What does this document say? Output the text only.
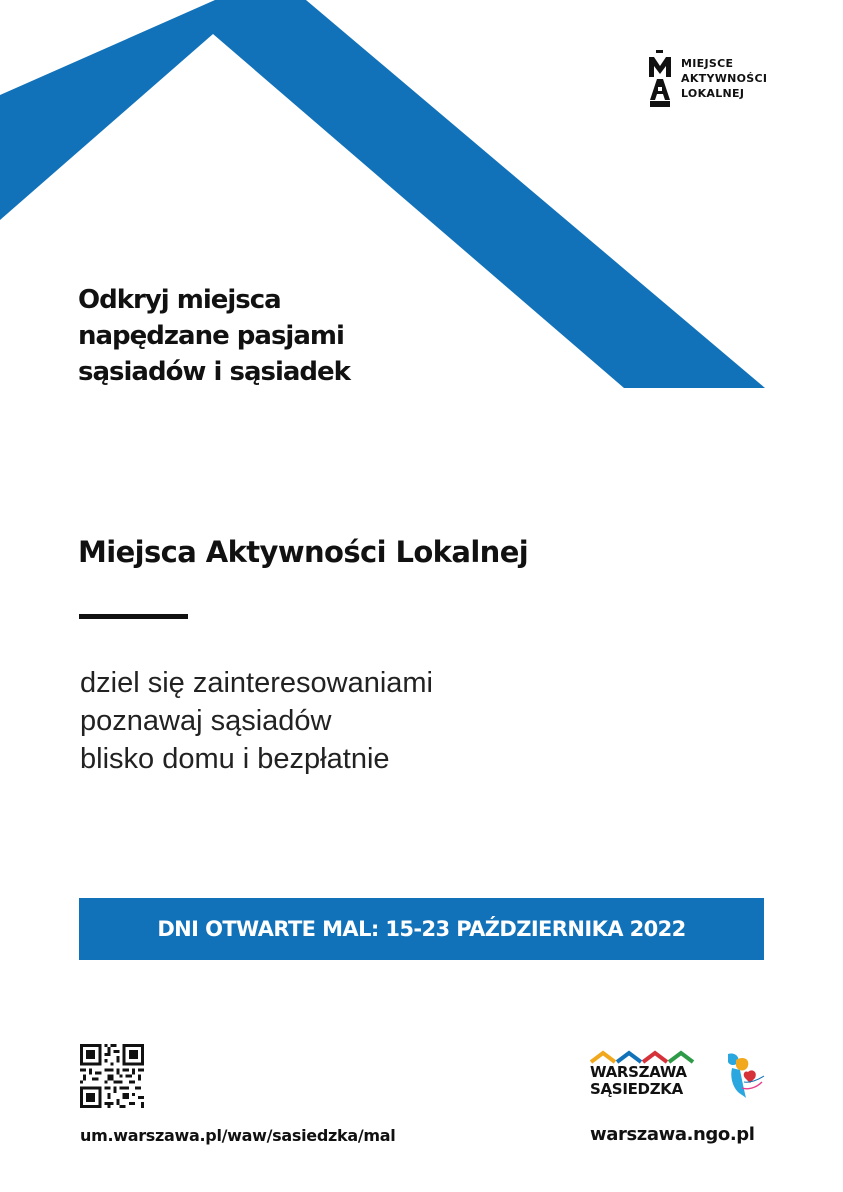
MIEJSCE
AKTYWNOŚCI
LOKALNEJ
Odkryj miejsca
napędzane pasjami
sąsiadów i sąsiadek
Miejsca Aktywności Lokalnej
dziel się zainteresowaniami
poznawaj sąsiadów
blisko domu i bezpłatnie
DNI OTWARTE MAL: 15-23 PAŹDZIERNIKA 2022
um.warszawa.pl/waw/sasiedzka/mal
WARSZAWA
SĄSIEDZKA
warszawa.ngo.pl
